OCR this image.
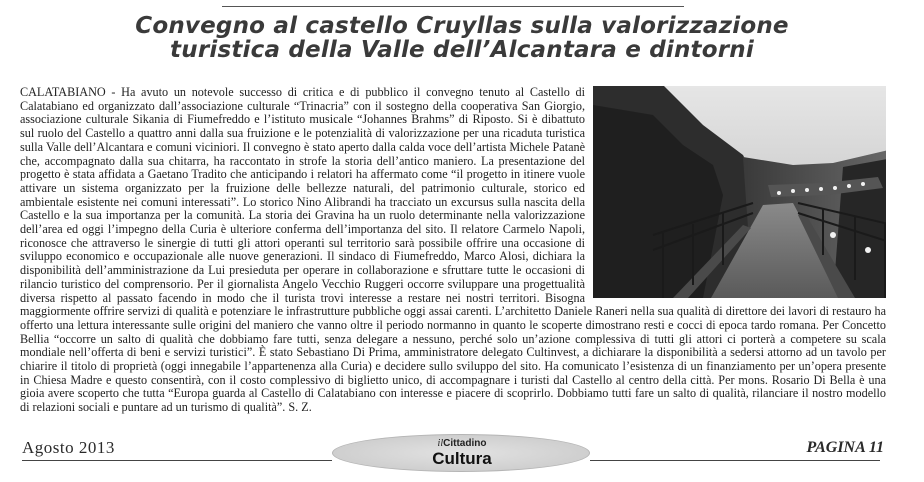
Convegno al castello Cruyllas sulla valorizzazione
turistica della Valle dell’Alcantara e dintorni
CALATABIANO - Ha avuto un notevole successo di critica e di pubblico il convegno tenuto al Castello di Calatabiano ed organizzato dall’associazione culturale “Trinacria” con il sostegno della cooperativa San Giorgio, associazione culturale Sikania di Fiumefreddo e l’istituto musicale “Johannes Brahms” di Riposto. Si è dibattuto sul ruolo del Castello a quattro anni dalla sua fruizione e le potenzialità di valorizzazione per una ricaduta turistica sulla Valle dell’Alcantara e comuni viciniori. Il convegno è stato aperto dalla calda voce dell’artista Michele Patanè che, accompagnato dalla sua chitarra, ha raccontato in strofe la storia dell’antico maniero. La presentazione del progetto è stata affidata a Gaetano Tradito che anticipando i relatori ha affermato come “il progetto in itinere vuole attivare un sistema organizzato per la fruizione delle bellezze naturali, del patrimonio culturale, storico ed ambientale esistente nei comuni interessati”. Lo storico Nino Alibrandi ha tracciato un excursus sulla nascita della Castello e la sua importanza per la comunità. La storia dei Gravina ha un ruolo determinante nella valorizzazione dell’area ed oggi l’impegno della Curia è ulteriore conferma dell’importanza del sito. Il relatore Carmelo Napoli, riconosce che attraverso le sinergie di tutti gli attori operanti sul territorio sarà possibile offrire una occasione di sviluppo economico e occupazionale alle nuove generazioni. Il sindaco di Fiumefreddo, Marco Alosi, dichiara la disponibilità dell’amministrazione da Lui presieduta per operare in collaborazione e sfruttare tutte le occasioni di rilancio turistico del comprensorio. Per il giornalista Angelo Vecchio Ruggeri occorre sviluppare una progettualità diversa rispetto al passato facendo in modo che il turista trovi interesse a restare nei nostri territori. Bisogna maggiormente offrire servizi di qualità e potenziare le infrastrutture pubbliche oggi assai carenti. L’architetto Daniele Raneri nella sua qualità di direttore dei lavori di restauro ha offerto una lettura interessante sulle origini del maniero che vanno oltre il periodo normanno in quanto le scoperte dimostrano resti e cocci di epoca tardo romana. Per Concetto Bellia “occorre un salto di qualità che dobbiamo fare tutti, senza delegare a nessuno, perché solo un’azione complessiva di tutti gli attori ci porterà a competere su scala mondiale nell’offerta di beni e servizi turistici”. È stato Sebastiano Di Prima, amministratore delegato Cultinvest, a dichiarare la disponibilità a sedersi attorno ad un tavolo per chiarire il titolo di proprietà (oggi innegabile l’appartenenza alla Curia) e decidere sullo sviluppo del sito. Ha comunicato l’esistenza di un finanziamento per un’opera presente in Chiesa Madre e questo consentirà, con il costo complessivo di biglietto unico, di accompagnare i turisti dal Castello al centro della città. Per mons. Rosario Di Bella è una gioia avere scoperto che tutta “Europa guarda al Castello di Calatabiano con interesse e piacere di scoprirlo. Dobbiamo tutti fare un salto di qualità, rilanciare il nostro modello di relazioni sociali e puntare ad un turismo di qualità”. S. Z.
Agosto 2013	ilCittadino
Cultura
PAGINA 11
